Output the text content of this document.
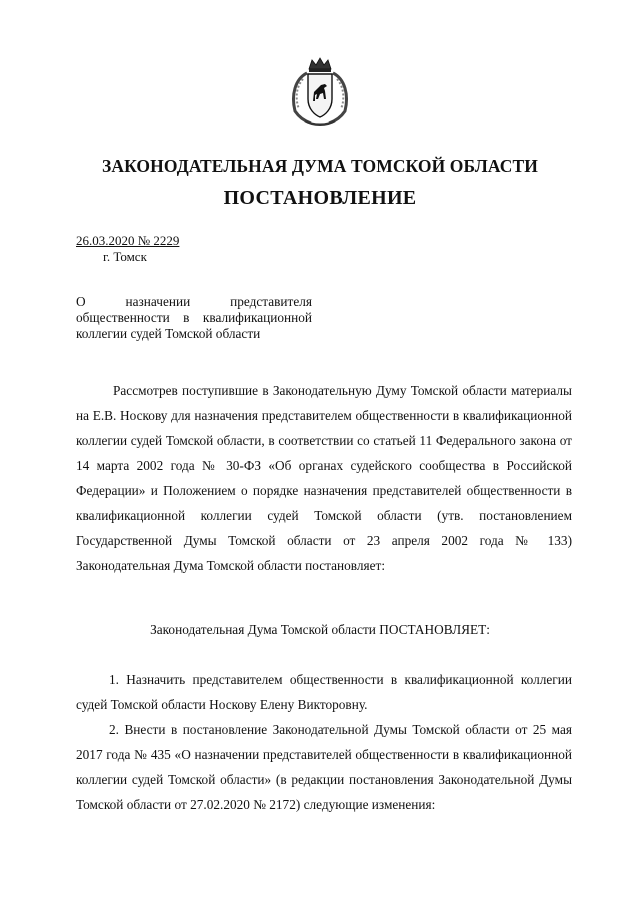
ЗАКОНОДАТЕЛЬНАЯ ДУМА ТОМСКОЙ ОБЛАСТИ
ПОСТАНОВЛЕНИЕ
26.03.2020 № 2229
г. Томск
О назначении представителя общественности в квалификационной коллегии судей Томской области

Рассмотрев поступившие в Законодательную Думу Томской области материалы на Е.В. Носкову для назначения представителем общественности в квалификационной коллегии судей Томской области, в соответствии со статьей 11 Федерального закона от 14 марта 2002 года № 30-ФЗ «Об органах судейского сообщества в Российской Федерации» и Положением о порядке назначения представителей общественности в квалификационной коллегии судей Томской области (утв. постановлением Государственной Думы Томской области от 23 апреля 2002 года № 133) Законодательная Дума Томской области постановляет:

Законодательная Дума Томской области ПОСТАНОВЛЯЕТ:

1. Назначить представителем общественности в квалификационной коллегии судей Томской области Носкову Елену Викторовну.

2. Внести в постановление Законодательной Думы Томской области от 25 мая 2017 года № 435 «О назначении представителей общественности в квалификационной коллегии судей Томской области» (в редакции постановления Законодательной Думы Томской области от 27.02.2020 № 2172) следующие изменения:
